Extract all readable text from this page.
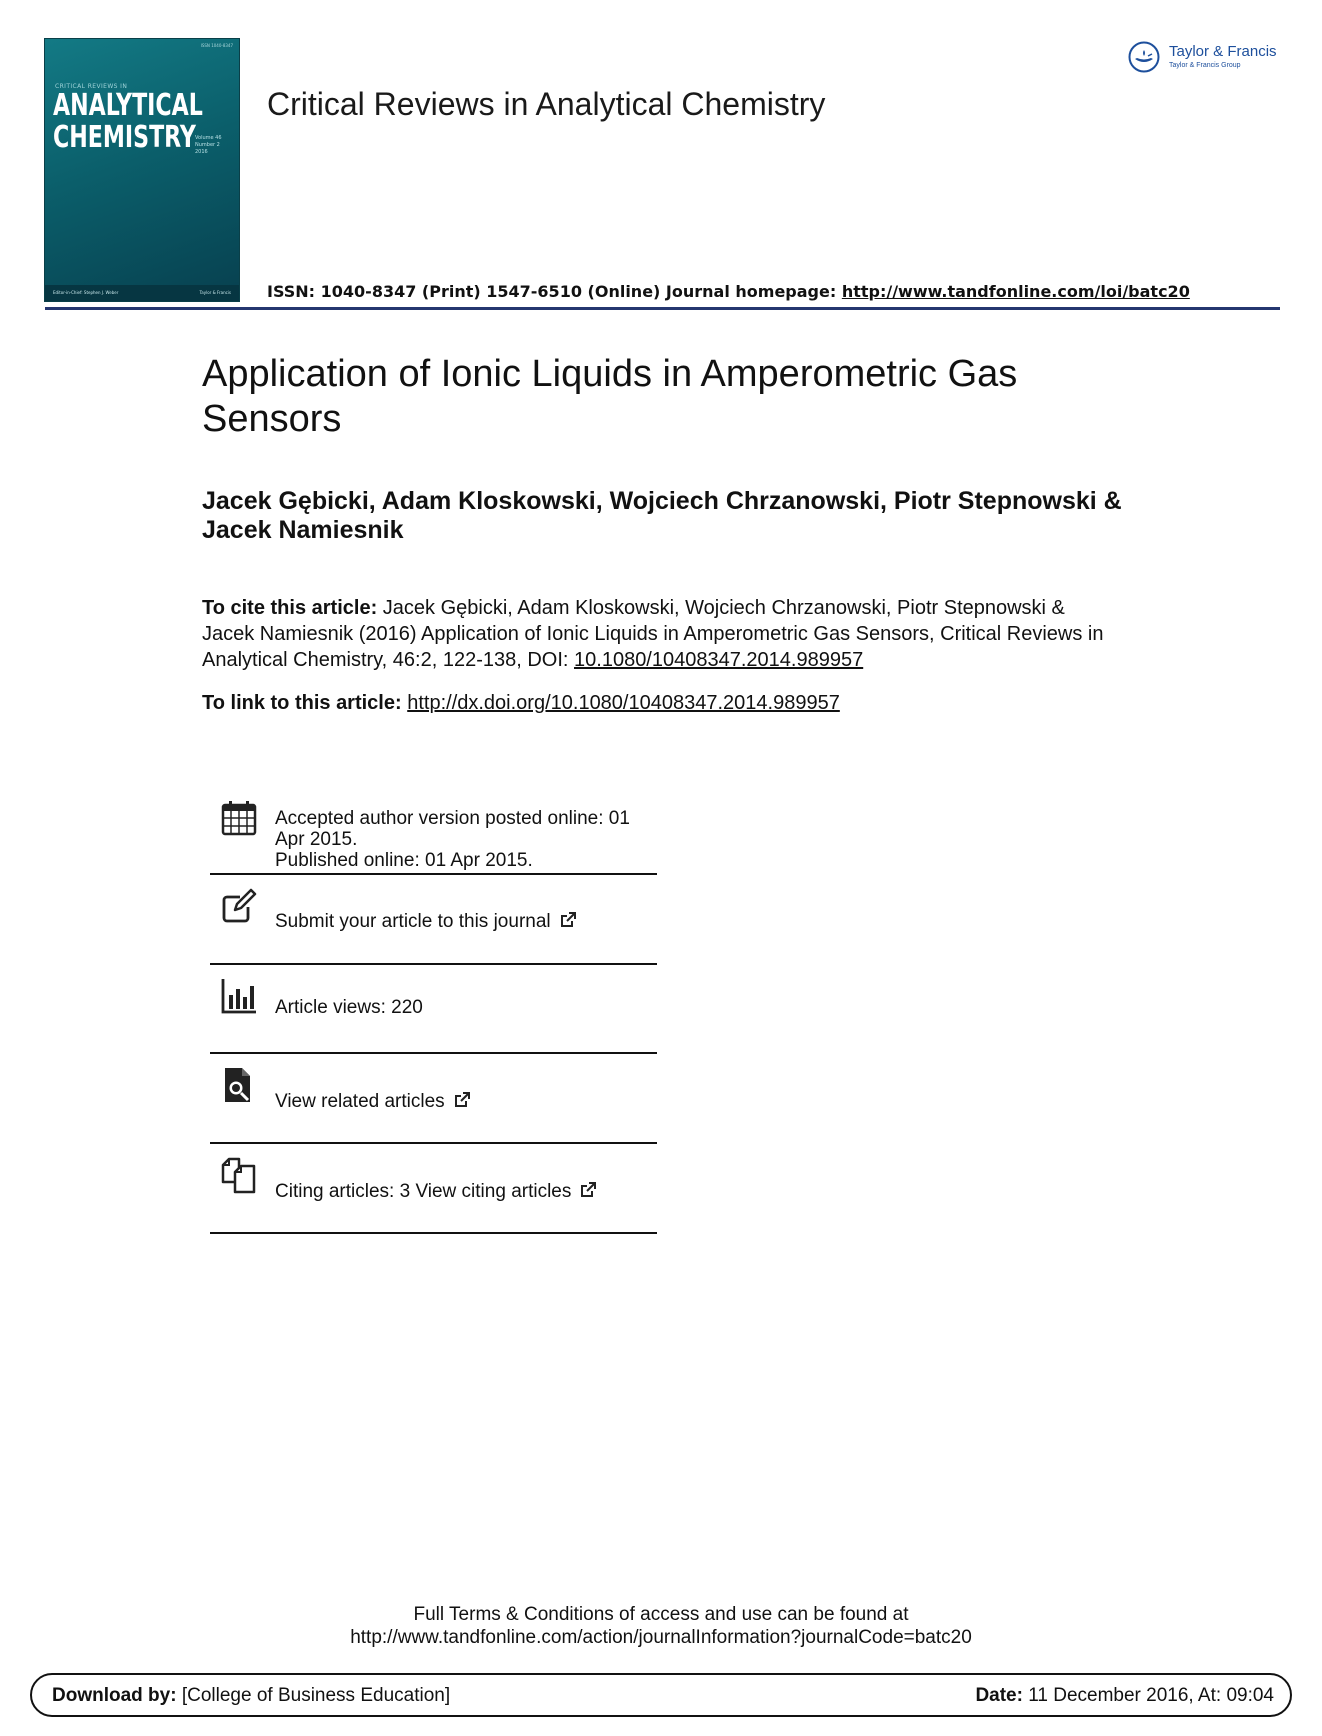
ISSN 1040-8347
CRITICAL REVIEWS IN
ANALYTICAL
CHEMISTRY Volume 46 Number 2 2016
Editor-in-Chief: Stephen J. Weber	Taylor & Francis
Critical Reviews in Analytical Chemistry
Taylor & Francis
Taylor & Francis Group
ISSN: 1040-8347 (Print) 1547-6510 (Online) Journal homepage: http://www.tandfonline.com/loi/batc20
Application of Ionic Liquids in Amperometric Gas Sensors
Jacek Gębicki, Adam Kloskowski, Wojciech Chrzanowski, Piotr Stepnowski & Jacek Namiesnik
To cite this article: Jacek Gębicki, Adam Kloskowski, Wojciech Chrzanowski, Piotr Stepnowski & Jacek Namiesnik (2016) Application of Ionic Liquids in Amperometric Gas Sensors, Critical Reviews in Analytical Chemistry, 46:2, 122-138, DOI: 10.1080/10408347.2014.989957
To link to this article: http://dx.doi.org/10.1080/10408347.2014.989957
Accepted author version posted online: 01 Apr 2015.
Published online: 01 Apr 2015.
Submit your article to this journal
Article views: 220
View related articles
Citing articles: 3 View citing articles
Full Terms & Conditions of access and use can be found at
http://www.tandfonline.com/action/journalInformation?journalCode=batc20
Download by: [College of Business Education]	Date: 11 December 2016, At: 09:04
